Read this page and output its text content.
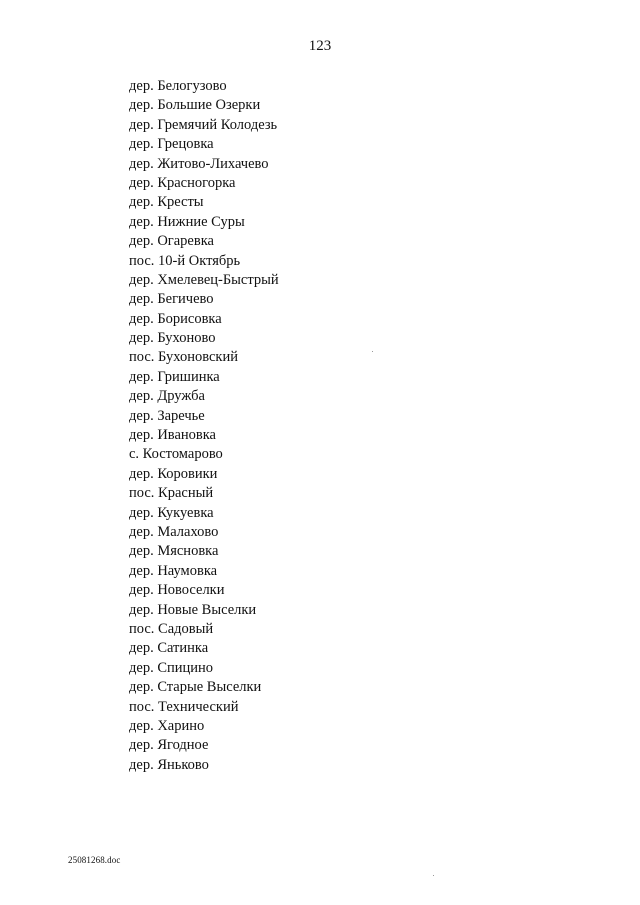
123
дер. Белогузово
дер. Большие Озерки
дер. Гремячий Колодезь
дер. Грецовка
дер. Житово-Лихачево
дер. Красногорка
дер. Кресты
дер. Нижние Суры
дер. Огаревка
пос. 10-й Октябрь
дер. Хмелевец-Быстрый
дер. Бегичево
дер. Борисовка
дер. Бухоново
пос. Бухоновский
дер. Гришинка
дер. Дружба
дер. Заречье
дер. Ивановка
с. Костомарово
дер. Коровики
пос. Красный
дер. Кукуевка
дер. Малахово
дер. Мясновка
дер. Наумовка
дер. Новоселки
дер. Новые Выселки
пос. Садовый
дер. Сатинка
дер. Спицино
дер. Старые Выселки
пос. Технический
дер. Харино
дер. Ягодное
дер. Яньково
25081268.doc
